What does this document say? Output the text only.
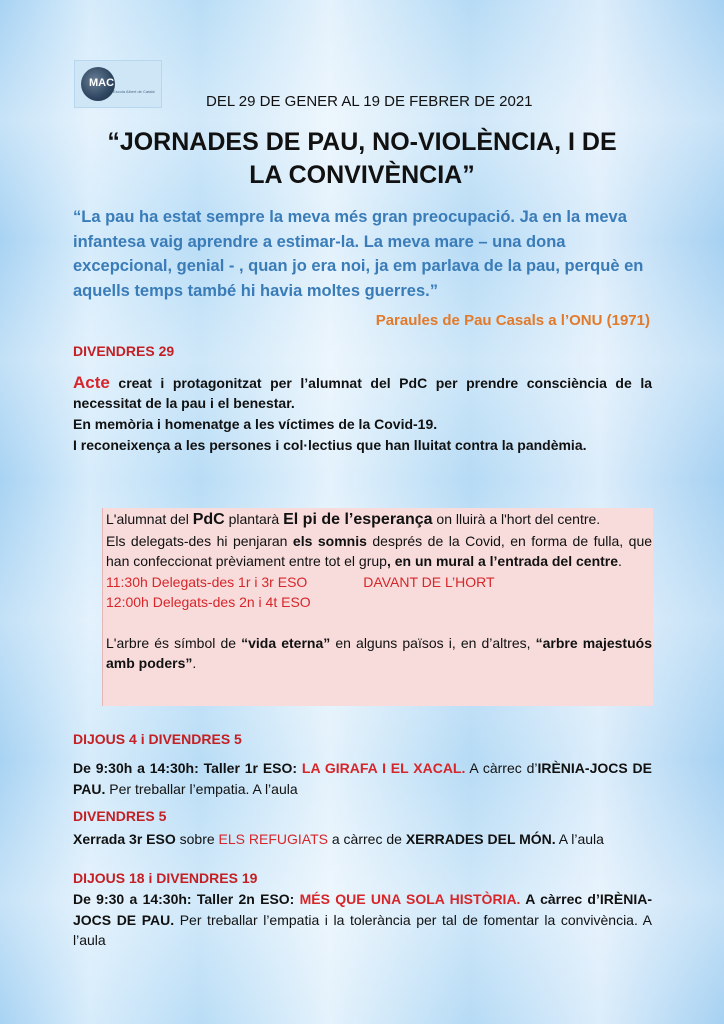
MAC
Escola Albert de Català
DEL 29 DE GENER AL 19 DE FEBRER DE 2021
“JORNADES DE PAU, NO-VIOLÈNCIA, I DE
LA CONVIVÈNCIA”
“La pau ha estat sempre la meva més gran preocupació. Ja en la meva infantesa vaig aprendre a estimar-la. La meva mare – una dona excepcional, genial - , quan jo era noi, ja em parlava de la pau, perquè en aquells temps també hi havia moltes guerres.”
Paraules de Pau Casals a l’ONU (1971)
DIVENDRES 29
Acte creat i protagonitzat per l’alumnat del PdC per prendre consciència de la necessitat de la pau i el benestar.
En memòria i homenatge a les víctimes de la Covid-19.
I reconeixença a les persones i col·lectius que han lluitat contra la pandèmia.
L'alumnat del PdC plantarà El pi de l’esperança on lluirà a l'hort del centre.
Els delegats-des hi penjaran els somnis després de la Covid, en forma de fulla, que han confeccionat prèviament entre tot el grup, en un mural a l’entrada del centre.
11:30h Delegats-des 1r i 3r ESO	DAVANT DE L’HORT
12:00h Delegats-des 2n i 4t ESO
L'arbre és símbol de “vida eterna” en alguns països i, en d’altres, “arbre majestuós amb poders”.
DIJOUS 4 i DIVENDRES 5
De 9:30h a 14:30h: Taller 1r ESO: LA GIRAFA I EL XACAL. A càrrec d’IRÈNIA-JOCS DE PAU. Per treballar l’empatia. A l’aula
DIVENDRES 5
Xerrada 3r ESO sobre ELS REFUGIATS a càrrec de XERRADES DEL MÓN. A l’aula
DIJOUS 18 i DIVENDRES 19
De 9:30 a 14:30h: Taller 2n ESO: MÉS QUE UNA SOLA HISTÒRIA. A càrrec d’IRÈNIA-JOCS DE PAU. Per treballar l’empatia i la tolerància per tal de fomentar la convivència. A l’aula
